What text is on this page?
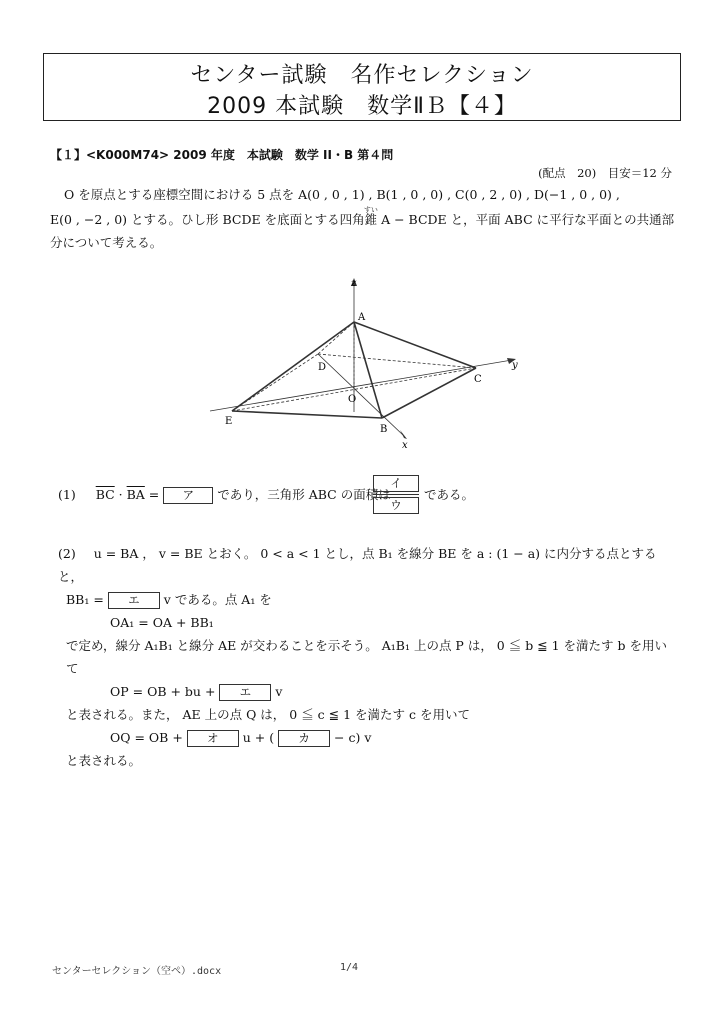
センター試験　名作セレクション
2009 本試験　数学ⅡＢ【４】
【１】<K000M74> 2009 年度　本試験　数学 II・B 第４問
(配点　20)　目安＝12 分
O を原点とする座標空間における 5 点を A(0 , 0 , 1) , B(1 , 0 , 0) , C(0 , 2 , 0) , D(−1 , 0 , 0) ,
E(0 , −2 , 0) とする。ひし形 BCDE を底面とする四角錐すい A − BCDE と，平面 ABC に平行な平面との共通部
分について考える。
z
y
x
A
B
C
D
E
O
(1) $\overline{BC} \cdot \overline{BA}$ = ア であり，三角形 ABC の面積は
イ
ウ
である。
(2) u = BA ， v = BE とおく。 0 < a < 1 とし，点 B₁ を線分 BE を a : (1 − a) に内分する点とすると，
BB₁ = エ v である。点 A₁ を
OA₁ = OA + BB₁
で定め，線分 A₁B₁ と線分 AE が交わることを示そう。 A₁B₁ 上の点 P は， 0 ≦ b ≦ 1 を満たす b を用いて
OP = OB + bu + エ v
と表される。また， AE 上の点 Q は， 0 ≦ c ≦ 1 を満たす c を用いて
OQ = OB + オ u + ( カ − c) v
と表される。
センターセレクション（空ぺ）.docx	1/4
